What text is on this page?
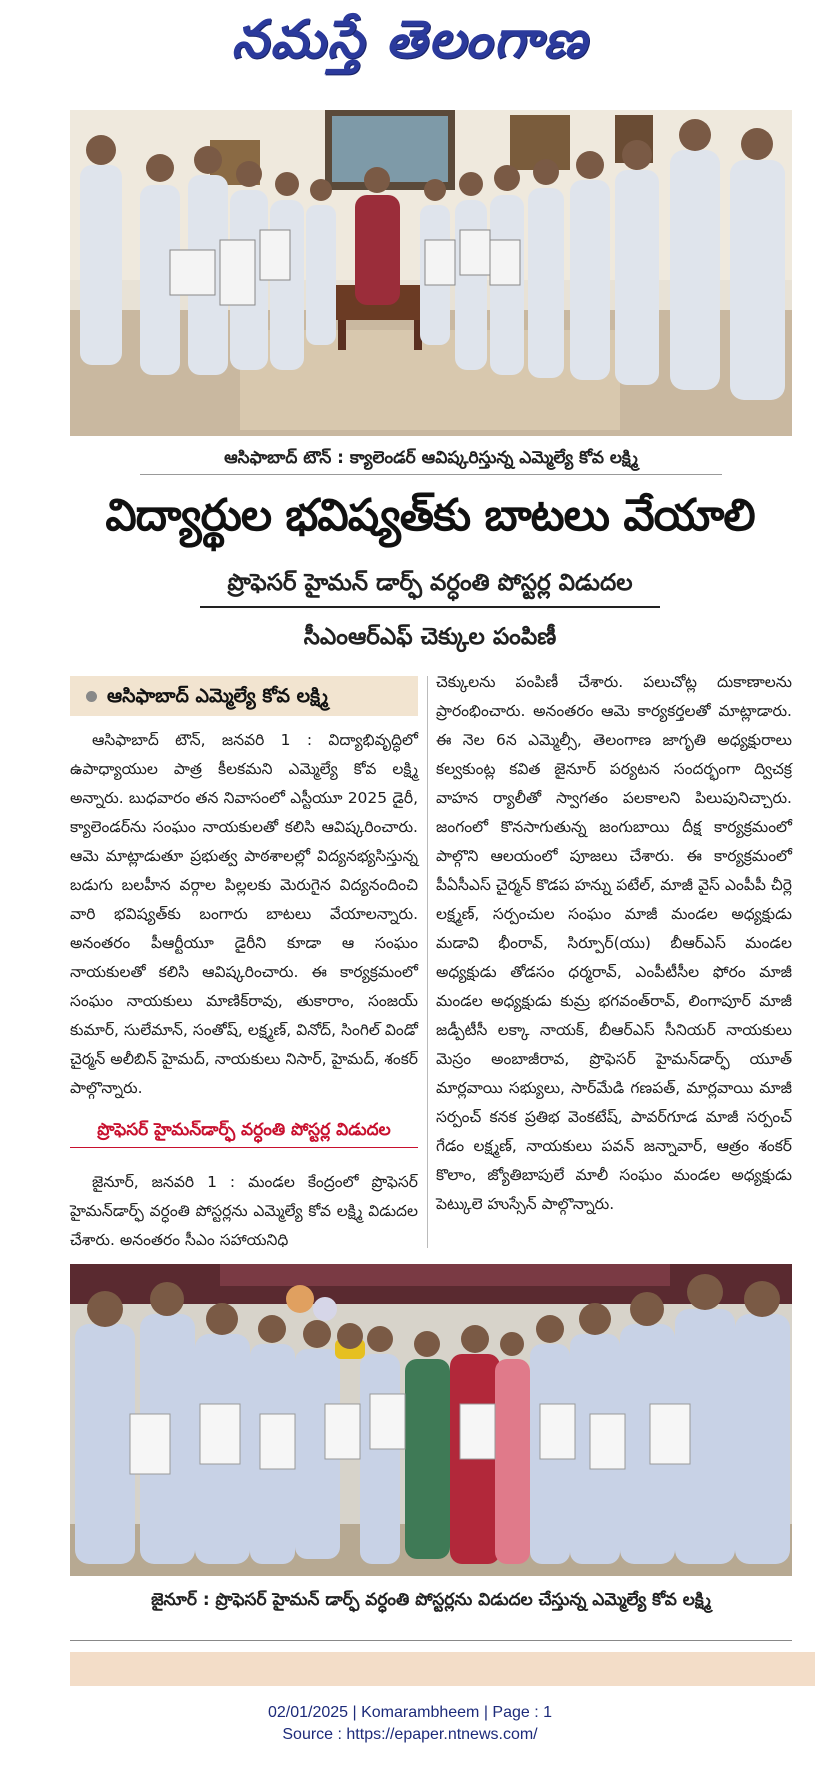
నమస్తే తెలంగాణ
ఆసిఫాబాద్ టౌన్ : క్యాలెండర్ ఆవిష్కరిస్తున్న ఎమ్మెల్యే కోవ లక్ష్మి
విద్యార్థుల భవిష్యత్‌కు బాటలు వేయాలి
ప్రొఫెసర్ హైమన్ డార్ఫ్ వర్ధంతి పోస్టర్ల విడుదల
సీఎంఆర్ఎఫ్ చెక్కుల పంపిణీ
ఆసిఫాబాద్ ఎమ్మెల్యే కోవ లక్ష్మి

ఆసిఫాబాద్ టౌన్, జనవరి 1 : విద్యాభివృద్ధిలో ఉపాధ్యాయుల పాత్ర కీలకమని ఎమ్మెల్యే కోవ లక్ష్మి అన్నారు. బుధవారం తన నివాసంలో ఎస్టీయూ 2025 డైరీ, క్యాలెండర్‌ను సంఘం నాయకులతో కలిసి ఆవిష్కరించారు. ఆమె మాట్లాడుతూ ప్రభుత్వ పాఠశాలల్లో విద్యనభ్యసిస్తున్న బడుగు బలహీన వర్గాల పిల్లలకు మెరుగైన విద్యనందించి వారి భవిష్యత్‌కు బంగారు బాటలు వేయాలన్నారు. అనంతరం పీఆర్టీయూ డైరీని కూడా ఆ సంఘం నాయకులతో కలిసి ఆవిష్కరించారు. ఈ కార్యక్రమంలో సంఘం నాయకులు మాణిక్‌రావు, తుకారాం, సంజయ్ కుమార్, సులేమాన్, సంతోష్, లక్ష్మణ్, వినోద్, సింగిల్ విండో చైర్మన్ అలీబిన్ హైమద్, నాయకులు నిసార్, హైమద్, శంకర్ పాల్గొన్నారు.

ప్రొఫెసర్ హైమన్‌డార్ఫ్ వర్ధంతి పోస్టర్ల విడుదల

జైనూర్, జనవరి 1 : మండల కేంద్రంలో ప్రొఫెసర్ హైమన్‌డార్ఫ్ వర్ధంతి పోస్టర్లను ఎమ్మెల్యే కోవ లక్ష్మి విడుదల చేశారు. అనంతరం సీఎం సహాయనిధి

చెక్కులను పంపిణీ చేశారు. పలుచోట్ల దుకాణాలను ప్రారంభించారు. అనంతరం ఆమె కార్యకర్తలతో మాట్లాడారు. ఈ నెల 6న ఎమ్మెల్సీ, తెలంగాణ జాగృతి అధ్యక్షురాలు కల్వకుంట్ల కవిత జైనూర్ పర్యటన సందర్భంగా ద్విచక్ర వాహన ర్యాలీతో స్వాగతం పలకాలని పిలుపునిచ్చారు. జంగంలో కొనసాగుతున్న జంగుబాయి దీక్ష కార్యక్రమంలో పాల్గొని ఆలయంలో పూజలు చేశారు. ఈ కార్యక్రమంలో పీఏసీఎస్ చైర్మన్ కొడప హన్ను పటేల్, మాజీ వైస్ ఎంపీపీ చీర్లె లక్ష్మణ్, సర్పంచుల సంఘం మాజీ మండల అధ్యక్షుడు మడావి భీంరావ్, సిర్పూర్(యు) బీఆర్ఎస్ మండల అధ్యక్షుడు తోడసం ధర్మరావ్, ఎంపీటీసీల ఫోరం మాజీ మండల అధ్యక్షుడు కుమ్ర భగవంత్‌రావ్, లింగాపూర్ మాజీ జడ్పీటీసీ లక్కా నాయక్, బీఆర్ఎస్ సీనియర్ నాయకులు మెస్రం అంబాజీరావ, ప్రొఫెసర్ హైమన్‌డార్ఫ్ యూత్ మార్లవాయి సభ్యులు, సార్‌మేడి గణపత్, మార్లవాయి మాజీ సర్పంచ్ కనక ప్రతిభ వెంకటేష్, పావర్‌గూడ మాజీ సర్పంచ్ గేడం లక్ష్మణ్, నాయకులు పవన్ జన్నావార్, ఆత్రం శంకర్ కొలాం, జ్యోతిబాపులే మాలీ సంఘం మండల అధ్యక్షుడు పెట్కులె హుస్సేన్ పాల్గొన్నారు.

జైనూర్ : ప్రొఫెసర్ హైమన్ డార్ఫ్ వర్ధంతి పోస్టర్లను విడుదల చేస్తున్న ఎమ్మెల్యే కోవ లక్ష్మి
02/01/2025 | Komarambheem | Page : 1
Source : https://epaper.ntnews.com/
